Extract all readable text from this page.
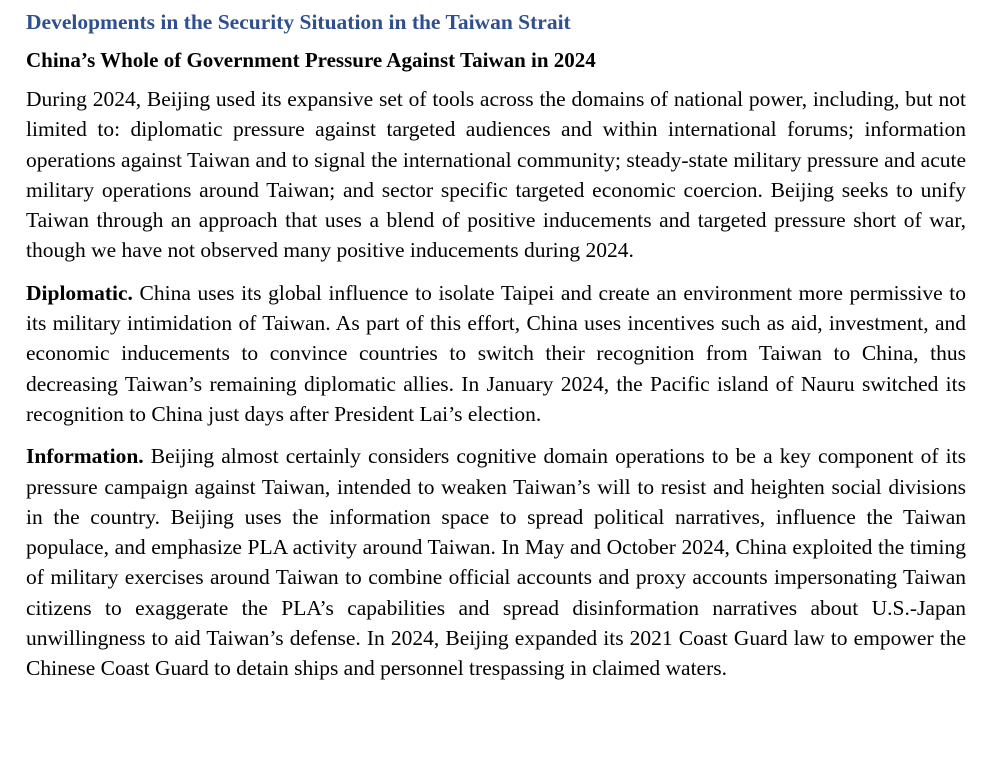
Developments in the Security Situation in the Taiwan Strait
China’s Whole of Government Pressure Against Taiwan in 2024

During 2024, Beijing used its expansive set of tools across the domains of national power, including, but not limited to: diplomatic pressure against targeted audiences and within international forums; information operations against Taiwan and to signal the international community; steady-state military pressure and acute military operations around Taiwan; and sector specific targeted economic coercion. Beijing seeks to unify Taiwan through an approach that uses a blend of positive inducements and targeted pressure short of war, though we have not observed many positive inducements during 2024.

Diplomatic. China uses its global influence to isolate Taipei and create an environment more permissive to its military intimidation of Taiwan. As part of this effort, China uses incentives such as aid, investment, and economic inducements to convince countries to switch their recognition from Taiwan to China, thus decreasing Taiwan’s remaining diplomatic allies. In January 2024, the Pacific island of Nauru switched its recognition to China just days after President Lai’s election.

Information. Beijing almost certainly considers cognitive domain operations to be a key component of its pressure campaign against Taiwan, intended to weaken Taiwan’s will to resist and heighten social divisions in the country. Beijing uses the information space to spread political narratives, influence the Taiwan populace, and emphasize PLA activity around Taiwan. In May and October 2024, China exploited the timing of military exercises around Taiwan to combine official accounts and proxy accounts impersonating Taiwan citizens to exaggerate the PLA’s capabilities and spread disinformation narratives about U.S.-Japan unwillingness to aid Taiwan’s defense. In 2024, Beijing expanded its 2021 Coast Guard law to empower the Chinese Coast Guard to detain ships and personnel trespassing in claimed waters.
